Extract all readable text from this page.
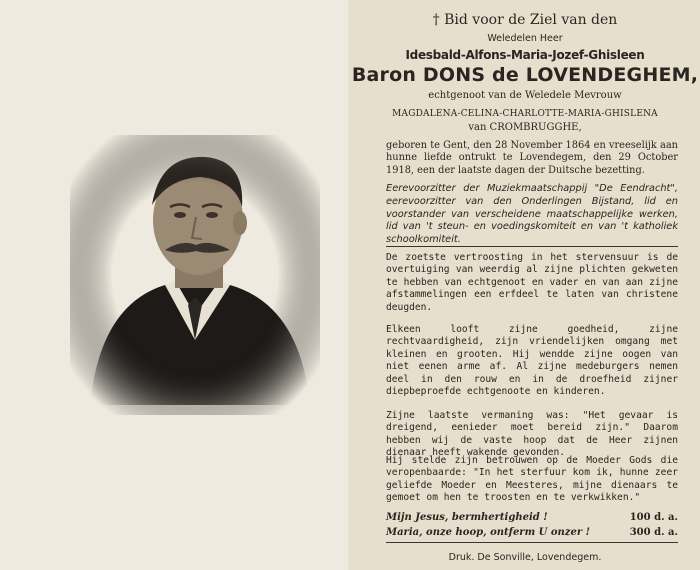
† Bid voor de Ziel van den
Weledelen Heer
Idesbald-Alfons-Maria-Jozef-Ghisleen
Baron DONS de LOVENDEGHEM,
echtgenoot van de Weledele Mevrouw
MAGDALENA-CELINA-CHARLOTTE-MARIA-GHISLENA
van CROMBRUGGHE,
geboren te Gent, den 28 November 1864 en vreeselijk aan hunne liefde ontrukt te Lovendegem, den 29 October 1918, een der laatste dagen der Duitsche bezetting.
Eerevoorzitter der Muziekmaatschappij "De Eendracht", eerevoorzitter van den Onderlingen Bijstand, lid en voorstander van verscheidene maatschappelijke werken, lid van 't steun- en voedingskomiteit en van 't katholiek schoolkomiteit.
De zoetste vertroosting in het stervensuur is de overtuiging van weerdig al zijne plichten gekweten te hebben van echtgenoot en vader en van aan zijne afstammelingen een erfdeel te laten van christene deugden.
Elkeen looft zijne goedheid, zijne rechtvaardigheid, zijn vriendelijken omgang met kleinen en grooten. Hij wendde zijne oogen van niet eenen arme af. Al zijne medeburgers nemen deel in den rouw en in de droefheid zijner diepbeproefde echtgenoote en kinderen.
Zijne laatste vermaning was: "Het gevaar is dreigend, eenieder moet bereid zijn." Daarom hebben wij de vaste hoop dat de Heer zijnen dienaar heeft wakende gevonden.
Hij stelde zijn betrouwen op de Moeder Gods die veropenbaarde: "In het sterfuur kom ik, hunne zeer geliefde Moeder en Meesteres, mijne dienaars te gemoet om hen te troosten en te verkwikken."
Mijn Jesus, bermhertigheid !	100 d. a.
Maria, onze hoop, ontferm U onzer !	300 d. a.
Druk. De Sonville, Lovendegem.
